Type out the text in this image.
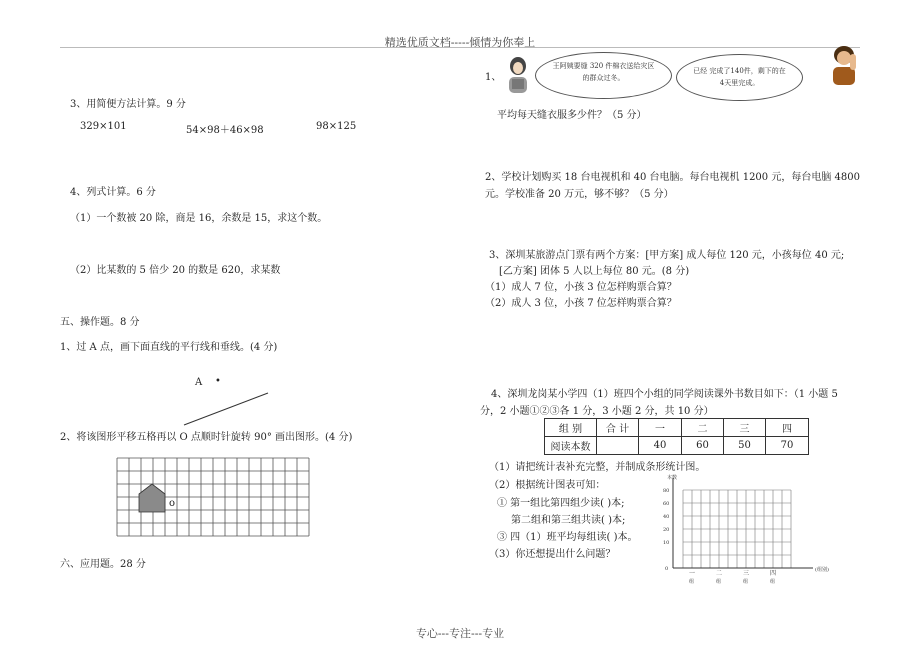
精选优质文档-----倾情为你奉上
3、用简便方法计算。9 分
329×101	54×98＋46×98	98×125
4、列式计算。6 分
（1）一个数被 20 除，商是 16，余数是 15，求这个数。
（2）比某数的 5 倍少 20 的数是 620，求某数
五、操作题。8 分
1、过 A 点，画下面直线的平行线和垂线。(4 分)
A •
2、将该图形平移五格再以 O 点顺时针旋转 90° 画出图形。(4 分)
o
六、应用题。28 分
1、
王阿姨要缝 320 件棉衣送给灾区的群众过冬。
已经 完成了140件，剩下的在4天里完成。
平均每天缝衣服多少件？（5 分）
2、学校计划购买 18 台电视机和 40 台电脑。每台电视机 1200 元，每台电脑 4800
元。学校准备 20 万元，够不够？（5 分）
3、深圳某旅游点门票有两个方案：[甲方案] 成人每位 120 元，小孩每位 40 元;
[乙方案] 团体 5 人以上每位 80 元。(8 分)
（1）成人 7 位，小孩 3 位怎样购票合算？
（2）成人 3 位，小孩 7 位怎样购票合算？
4、深圳龙岗某小学四（1）班四个小组的同学阅读课外书数目如下：（1 小题 5
分，2 小题①②③各 1 分，3 小题 2 分，共 10 分）
组 别	合 计	一	二	三	四
阅读本数		40	60	50	70
（1）请把统计表补充完整，并制成条形统计图。
（2）根据统计图表可知：
① 第一组比第四组少读( )本;
第二组和第三组共读( )本;
③ 四（1）班平均每组读( )本。
（3）你还想提出什么问题？
本数
80
60
40
20
10
0
一	二	三	四
组	组	组	组
(组别)
专心---专注---专业
